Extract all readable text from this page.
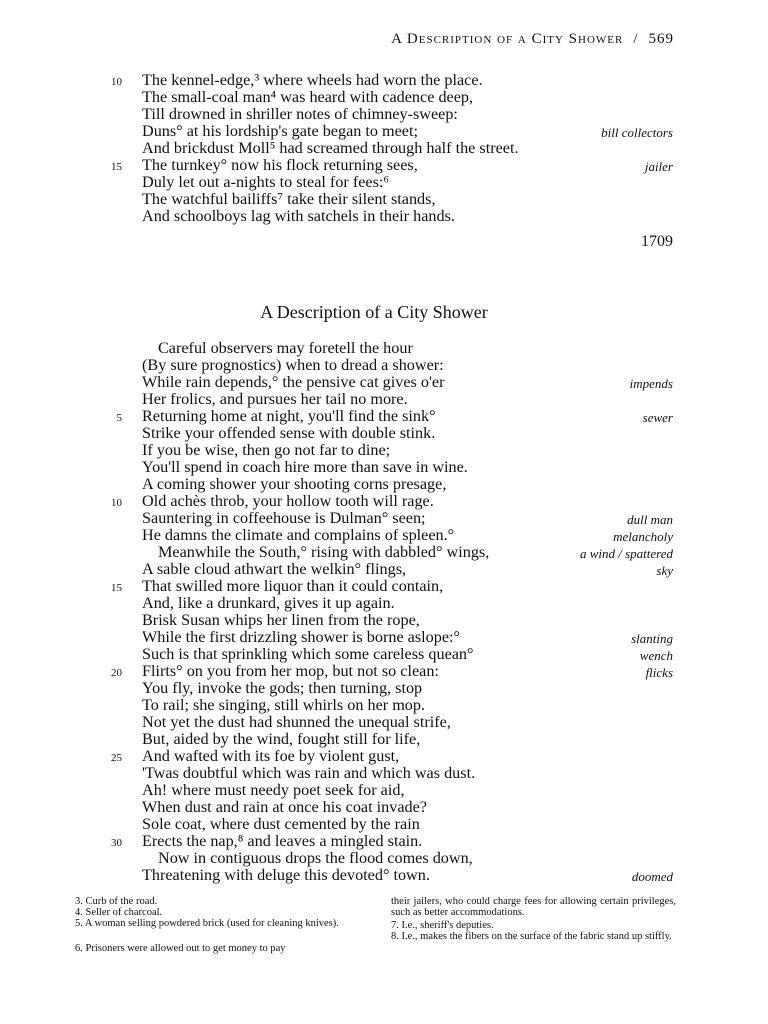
A Description of a City Shower / 569
10 The kennel-edge,³ where wheels had worn the place.
The small-coal man⁴ was heard with cadence deep,
Till drowned in shriller notes of chimney-sweep:
Duns° at his lordship's gate began to meet;	bill collectors
And brickdust Moll⁵ had screamed through half the street.
15 The turnkey° now his flock returning sees,	jailer
Duly let out a-nights to steal for fees:⁶
The watchful bailiffs⁷ take their silent stands,
And schoolboys lag with satchels in their hands.
1709
A Description of a City Shower
Careful observers may foretell the hour
(By sure prognostics) when to dread a shower:
While rain depends,° the pensive cat gives o'er	impends
Her frolics, and pursues her tail no more.
5 Returning home at night, you'll find the sink°	sewer
Strike your offended sense with double stink.
If you be wise, then go not far to dine;
You'll spend in coach hire more than save in wine.
A coming shower your shooting corns presage,
10 Old achès throb, your hollow tooth will rage.
Sauntering in coffeehouse is Dulman° seen;	dull man
He damns the climate and complains of spleen.°	melancholy
Meanwhile the South,° rising with dabbled° wings,	a wind / spattered
A sable cloud athwart the welkin° flings,	sky
15 That swilled more liquor than it could contain,
And, like a drunkard, gives it up again.
Brisk Susan whips her linen from the rope,
While the first drizzling shower is borne aslope:°	slanting
Such is that sprinkling which some careless quean°	wench
20 Flirts° on you from her mop, but not so clean:	flicks
You fly, invoke the gods; then turning, stop
To rail; she singing, still whirls on her mop.
Not yet the dust had shunned the unequal strife,
But, aided by the wind, fought still for life,
25 And wafted with its foe by violent gust,
'Twas doubtful which was rain and which was dust.
Ah! where must needy poet seek for aid,
When dust and rain at once his coat invade?
Sole coat, where dust cemented by the rain
30 Erects the nap,⁸ and leaves a mingled stain.
Now in contiguous drops the flood comes down,
Threatening with deluge this devoted° town.	doomed
3. Curb of the road.
4. Seller of charcoal.
5. A woman selling powdered brick (used for cleaning knives).
6. Prisoners were allowed out to get money to pay
their jailers, who could charge fees for allowing certain privileges, such as better accommodations.
7. I.e., sheriff's deputies.
8. I.e., makes the fibers on the surface of the fabric stand up stiffly.
